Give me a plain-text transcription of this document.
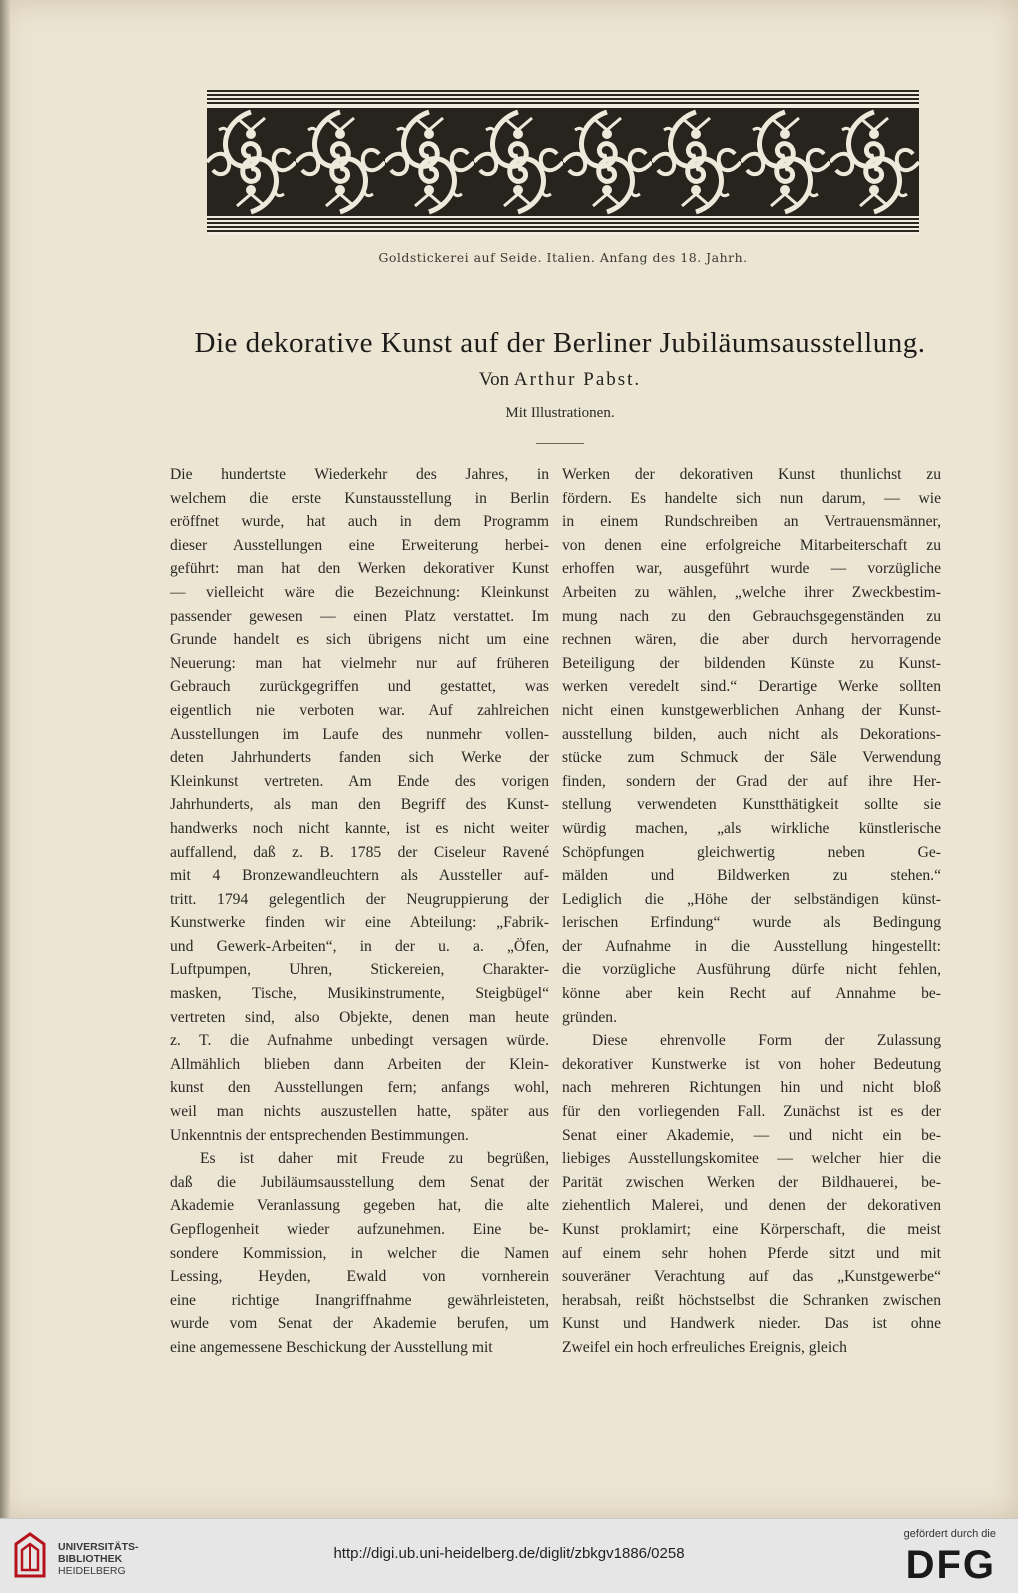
Goldstickerei auf Seide. Italien. Anfang des 18. Jahrh.
Die dekorative Kunst auf der Berliner Jubiläumsausstellung.
Von Arthur Pabst.
Mit Illustrationen.
Die hundertste Wiederkehr des Jahres, in
welchem die erste Kunstausstellung in Berlin
eröffnet wurde, hat auch in dem Programm
dieser Ausstellungen eine Erweiterung herbei-
geführt: man hat den Werken dekorativer Kunst
— vielleicht wäre die Bezeichnung: Kleinkunst
passender gewesen — einen Platz verstattet. Im
Grunde handelt es sich übrigens nicht um eine
Neuerung: man hat vielmehr nur auf früheren
Gebrauch zurückgegriffen und gestattet, was
eigentlich nie verboten war. Auf zahlreichen
Ausstellungen im Laufe des nunmehr vollen-
deten Jahrhunderts fanden sich Werke der
Kleinkunst vertreten. Am Ende des vorigen
Jahrhunderts, als man den Begriff des Kunst-
handwerks noch nicht kannte, ist es nicht weiter
auffallend, daß z. B. 1785 der Ciseleur Ravené
mit 4 Bronzewandleuchtern als Aussteller auf-
tritt. 1794 gelegentlich der Neugruppierung der
Kunstwerke finden wir eine Abteilung: „Fabrik-
und Gewerk-Arbeiten“, in der u. a. „Öfen,
Luftpumpen, Uhren, Stickereien, Charakter-
masken, Tische, Musikinstrumente, Steigbügel“
vertreten sind, also Objekte, denen man heute
z. T. die Aufnahme unbedingt versagen würde.
Allmählich blieben dann Arbeiten der Klein-
kunst den Ausstellungen fern; anfangs wohl,
weil man nichts auszustellen hatte, später aus
Unkenntnis der entsprechenden Bestimmungen.
Es ist daher mit Freude zu begrüßen,
daß die Jubiläumsausstellung dem Senat der
Akademie Veranlassung gegeben hat, die alte
Gepflogenheit wieder aufzunehmen. Eine be-
sondere Kommission, in welcher die Namen
Lessing, Heyden, Ewald von vornherein
eine richtige Inangriffnahme gewährleisteten,
wurde vom Senat der Akademie berufen, um
eine angemessene Beschickung der Ausstellung mit
Werken der dekorativen Kunst thunlichst zu
fördern. Es handelte sich nun darum, — wie
in einem Rundschreiben an Vertrauensmänner,
von denen eine erfolgreiche Mitarbeiterschaft zu
erhoffen war, ausgeführt wurde — vorzügliche
Arbeiten zu wählen, „welche ihrer Zweckbestim-
mung nach zu den Gebrauchsgegenständen zu
rechnen wären, die aber durch hervorragende
Beteiligung der bildenden Künste zu Kunst-
werken veredelt sind.“ Derartige Werke sollten
nicht einen kunstgewerblichen Anhang der Kunst-
ausstellung bilden, auch nicht als Dekorations-
stücke zum Schmuck der Säle Verwendung
finden, sondern der Grad der auf ihre Her-
stellung verwendeten Kunstthätigkeit sollte sie
würdig machen, „als wirkliche künstlerische
Schöpfungen gleichwertig neben Ge-
mälden und Bildwerken zu stehen.“
Lediglich die „Höhe der selbständigen künst-
lerischen Erfindung“ wurde als Bedingung
der Aufnahme in die Ausstellung hingestellt:
die vorzügliche Ausführung dürfe nicht fehlen,
könne aber kein Recht auf Annahme be-
gründen.
Diese ehrenvolle Form der Zulassung
dekorativer Kunstwerke ist von hoher Bedeutung
nach mehreren Richtungen hin und nicht bloß
für den vorliegenden Fall. Zunächst ist es der
Senat einer Akademie, — und nicht ein be-
liebiges Ausstellungskomitee — welcher hier die
Parität zwischen Werken der Bildhauerei, be-
ziehentlich Malerei, und denen der dekorativen
Kunst proklamirt; eine Körperschaft, die meist
auf einem sehr hohen Pferde sitzt und mit
souveräner Verachtung auf das „Kunstgewerbe“
herabsah, reißt höchstselbst die Schranken zwischen
Kunst und Handwerk nieder. Das ist ohne
Zweifel ein hoch erfreuliches Ereignis, gleich
UNIVERSITÄTS-
BIBLIOTHEK
HEIDELBERG
http://digi.ub.uni-heidelberg.de/diglit/zbkgv1886/0258
gefördert durch die
DFG
